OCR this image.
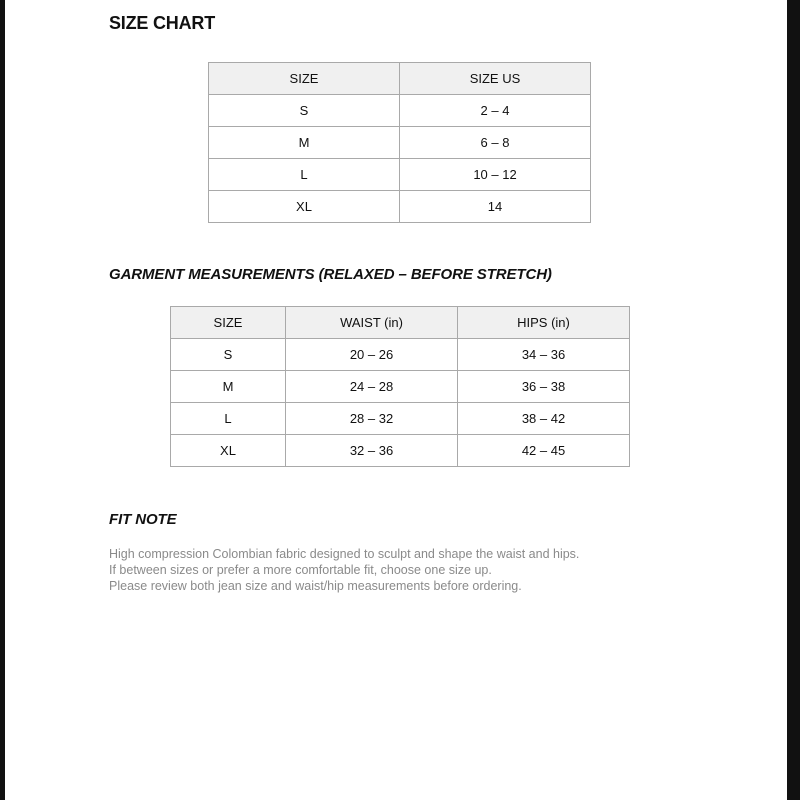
SIZE CHART
SIZE	SIZE US
S	2 – 4
M	6 – 8
L	10 – 12
XL	14
GARMENT MEASUREMENTS (RELAXED – BEFORE STRETCH)
SIZE	WAIST (in)	HIPS (in)
S	20 – 26	34 – 36
M	24 – 28	36 – 38
L	28 – 32	38 – 42
XL	32 – 36	42 – 45
FIT NOTE

High compression Colombian fabric designed to sculpt and shape the waist and hips.
If between sizes or prefer a more comfortable fit, choose one size up.
Please review both jean size and waist/hip measurements before ordering.
